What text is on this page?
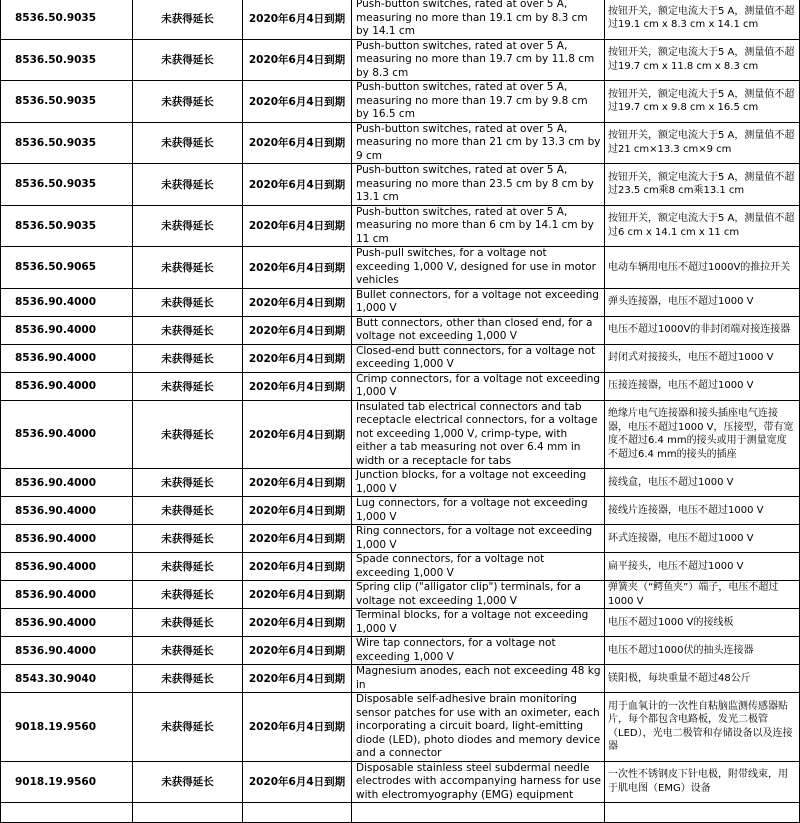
8536.50.9035	未获得延长	2020年6月4日到期	Push-button switches, rated at over 5 A, measuring no more than 19.1 cm by 8.3 cm by 14.1 cm	按钮开关，额定电流大于5 A，测量值不超过19.1 cm x 8.3 cm x 14.1 cm
8536.50.9035	未获得延长	2020年6月4日到期	Push-button switches, rated at over 5 A, measuring no more than 19.7 cm by 11.8 cm by 8.3 cm	按钮开关，额定电流大于5 A，测量值不超过19.7 cm x 11.8 cm x 8.3 cm
8536.50.9035	未获得延长	2020年6月4日到期	Push-button switches, rated at over 5 A, measuring no more than 19.7 cm by 9.8 cm by 16.5 cm	按钮开关，额定电流大于5 A，测量值不超过19.7 cm x 9.8 cm x 16.5 cm
8536.50.9035	未获得延长	2020年6月4日到期	Push-button switches, rated at over 5 A, measuring no more than 21 cm by 13.3 cm by 9 cm	按钮开关，额定电流大于5 A，测量值不超过21 cm×13.3 cm×9 cm
8536.50.9035	未获得延长	2020年6月4日到期	Push-button switches, rated at over 5 A, measuring no more than 23.5 cm by 8 cm by 13.1 cm	按钮开关，额定电流大于5 A，测量值不超过23.5 cm乘8 cm乘13.1 cm
8536.50.9035	未获得延长	2020年6月4日到期	Push-button switches, rated at over 5 A, measuring no more than 6 cm by 14.1 cm by 11 cm	按钮开关，额定电流大于5 A，测量值不超过6 cm x 14.1 cm x 11 cm
8536.50.9065	未获得延长	2020年6月4日到期	Push-pull switches, for a voltage not exceeding 1,000 V, designed for use in motor vehicles	电动车辆用电压不超过1000V的推拉开关
8536.90.4000	未获得延长	2020年6月4日到期	Bullet connectors, for a voltage not exceeding 1,000 V	弹头连接器，电压不超过1000 V
8536.90.4000	未获得延长	2020年6月4日到期	Butt connectors, other than closed end, for a voltage not exceeding 1,000 V	电压不超过1000V的非封闭端对接连接器
8536.90.4000	未获得延长	2020年6月4日到期	Closed-end butt connectors, for a voltage not exceeding 1,000 V	封闭式对接接头，电压不超过1000 V
8536.90.4000	未获得延长	2020年6月4日到期	Crimp connectors, for a voltage not exceeding 1,000 V	压接连接器，电压不超过1000 V
8536.90.4000	未获得延长	2020年6月4日到期	Insulated tab electrical connectors and tab receptacle electrical connectors, for a voltage not exceeding 1,000 V, crimp-type, with either a tab measuring not over 6.4 mm in width or a receptacle for tabs	绝缘片电气连接器和接头插座电气连接器，电压不超过1000 V，压接型，带有宽度不超过6.4 mm的接头或用于测量宽度不超过6.4 mm的接头的插座
8536.90.4000	未获得延长	2020年6月4日到期	Junction blocks, for a voltage not exceeding 1,000 V	接线盒，电压不超过1000 V
8536.90.4000	未获得延长	2020年6月4日到期	Lug connectors, for a voltage not exceeding 1,000 V	接线片连接器，电压不超过1000 V
8536.90.4000	未获得延长	2020年6月4日到期	Ring connectors, for a voltage not exceeding 1,000 V	环式连接器，电压不超过1000 V
8536.90.4000	未获得延长	2020年6月4日到期	Spade connectors, for a voltage not exceeding 1,000 V	扁平接头，电压不超过1000 V
8536.90.4000	未获得延长	2020年6月4日到期	Spring clip ("alligator clip") terminals, for a voltage not exceeding 1,000 V	弹簧夹（“鳄鱼夹”）端子，电压不超过1000 V
8536.90.4000	未获得延长	2020年6月4日到期	Terminal blocks, for a voltage not exceeding 1,000 V	电压不超过1000 V的接线板
8536.90.4000	未获得延长	2020年6月4日到期	Wire tap connectors, for a voltage not exceeding 1,000 V	电压不超过1000伏的抽头连接器
8543.30.9040	未获得延长	2020年6月4日到期	Magnesium anodes, each not exceeding 48 kg in	镁阳极，每块重量不超过48公斤
9018.19.9560	未获得延长	2020年6月4日到期	Disposable self-adhesive brain monitoring sensor patches for use with an oximeter, each incorporating a circuit board, light-emitting diode (LED), photo diodes and memory device and a connector	用于血氧计的一次性自粘脑监测传感器贴片，每个都包含电路板，发光二极管（LED），光电二极管和存储设备以及连接器
9018.19.9560	未获得延长	2020年6月4日到期	Disposable stainless steel subdermal needle electrodes with accompanying harness for use with electromyography (EMG) equipment	一次性不锈钢皮下针电极，附带线束，用于肌电图（EMG）设备
